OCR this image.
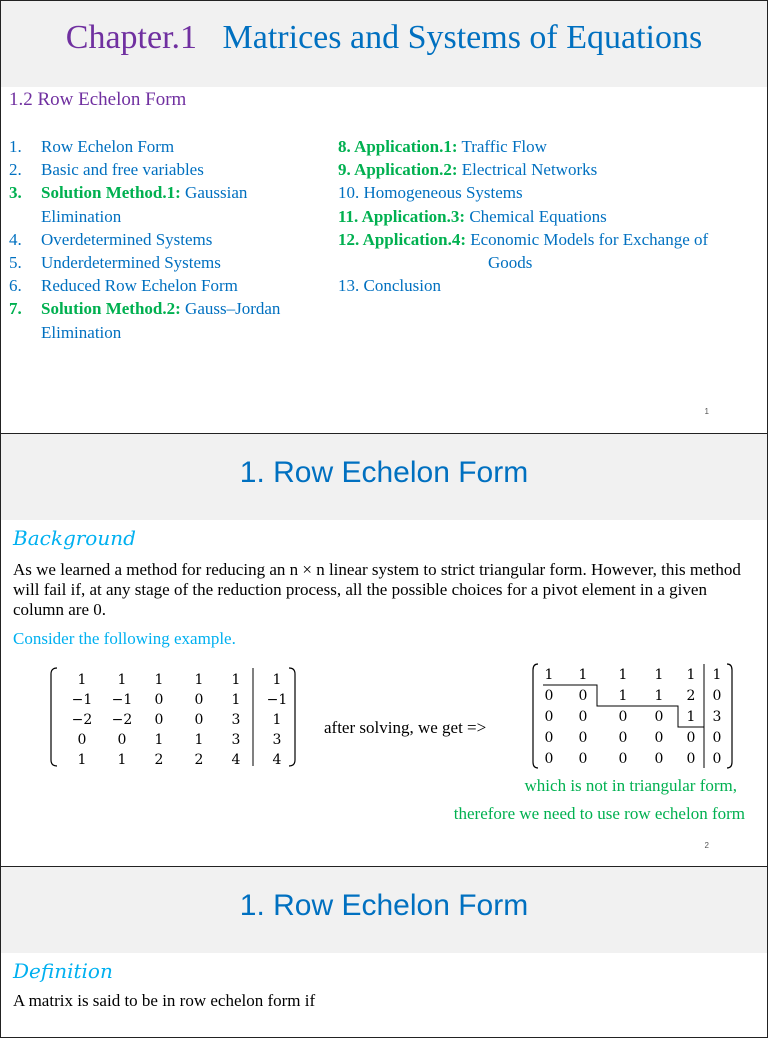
Chapter.1 Matrices and Systems of Equations
1.2 Row Echelon Form
1. Row Echelon Form
2. Basic and free variables
3. Solution Method.1: Gaussian Elimination
4. Overdetermined Systems
5. Underdetermined Systems
6. Reduced Row Echelon Form
7. Solution Method.2: Gauss–Jordan Elimination
8. Application.1: Traffic Flow
9. Application.2: Electrical Networks
10. Homogeneous Systems
11. Application.3: Chemical Equations
12. Application.4: Economic Models for Exchange of
Goods
13. Conclusion
1
1. Row Echelon Form
Background
As we learned a method for reducing an n × n linear system to strict triangular form. However, this method will fail if, at any stage of the reduction process, all the possible choices for a pivot element in a given column are 0.
Consider the following example.
1 1 1 1 1 1
−1 −1 0 0 1 −1
−2 −2 0 0 3 1
0 0 1 1 3 3
1 1 2 2 4 4
after solving, we get =>
1 1 1 1 1 1
0 0 1 1 2 0
0 0 0 0 1 3
0 0 0 0 0 0
0 0 0 0 0 0
which is not in triangular form,
therefore we need to use row echelon form
2
1. Row Echelon Form
Definition
A matrix is said to be in row echelon form if
